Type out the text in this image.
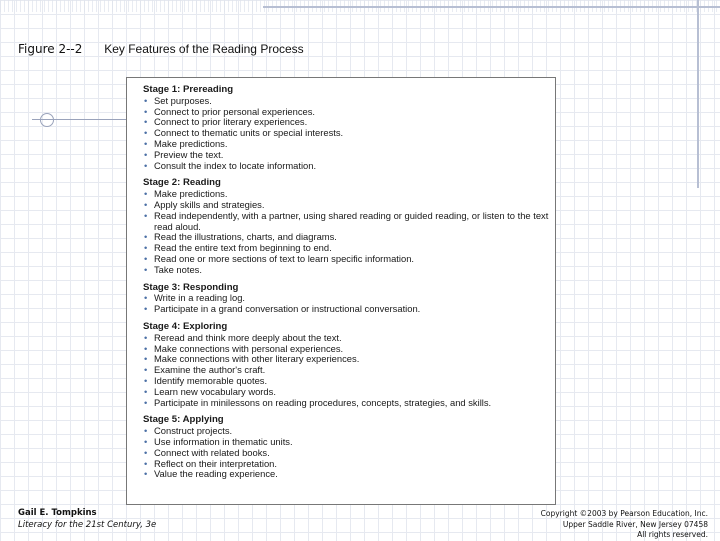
Figure 2--2 Key Features of the Reading Process
Stage 1: Prereading
• Set purposes.
• Connect to prior personal experiences.
• Connect to prior literary experiences.
• Connect to thematic units or special interests.
• Make predictions.
• Preview the text.
• Consult the index to locate information.
Stage 2: Reading
• Make predictions.
• Apply skills and strategies.
• Read independently, with a partner, using shared reading or guided reading, or listen to the text read aloud.
• Read the illustrations, charts, and diagrams.
• Read the entire text from beginning to end.
• Read one or more sections of text to learn specific information.
• Take notes.
Stage 3: Responding
• Write in a reading log.
• Participate in a grand conversation or instructional conversation.
Stage 4: Exploring
• Reread and think more deeply about the text.
• Make connections with personal experiences.
• Make connections with other literary experiences.
• Examine the author's craft.
• Identify memorable quotes.
• Learn new vocabulary words.
• Participate in minilessons on reading procedures, concepts, strategies, and skills.
Stage 5: Applying
• Construct projects.
• Use information in thematic units.
• Connect with related books.
• Reflect on their interpretation.
• Value the reading experience.
Gail E. Tompkins
Literacy for the 21st Century, 3e
Copyright ©2003 by Pearson Education, Inc.
Upper Saddle River, New Jersey 07458
All rights reserved.
